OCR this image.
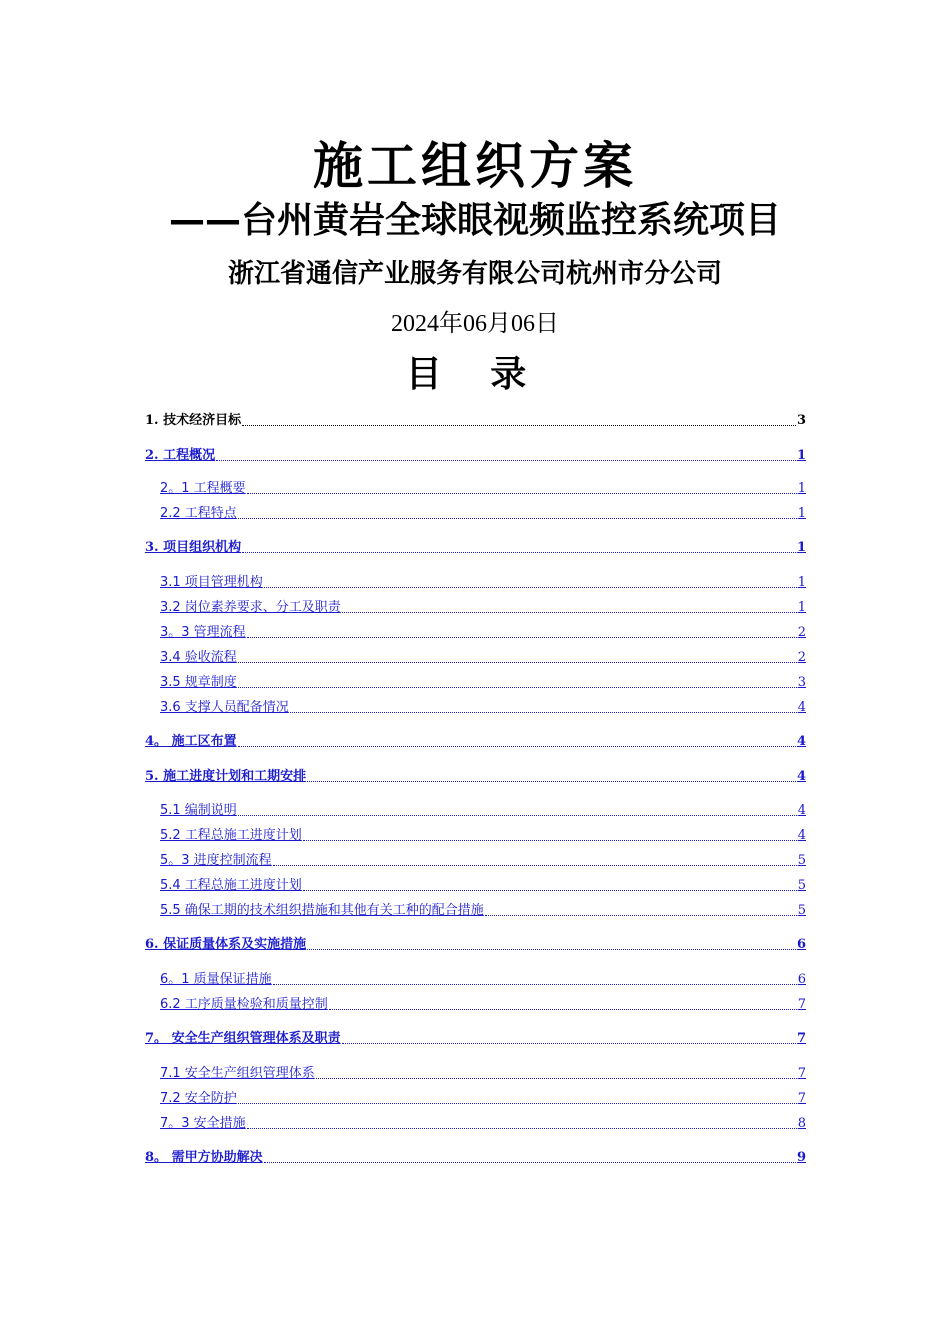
施工组织方案
——台州黄岩全球眼视频监控系统项目
浙江省通信产业服务有限公司杭州市分公司
2024年06月06日
目 录
1. 技术经济目标	3
2. 工程概况	1
2。1 工程概要	1
2.2 工程特点	1
3. 项目组织机构	1
3.1 项目管理机构	1
3.2 岗位素养要求、分工及职责	1
3。3 管理流程	2
3.4 验收流程	2
3.5 规章制度	3
3.6 支撑人员配备情况	4
4。 施工区布置	4
5. 施工进度计划和工期安排	4
5.1 编制说明	4
5.2 工程总施工进度计划	4
5。3 进度控制流程	5
5.4 工程总施工进度计划	5
5.5 确保工期的技术组织措施和其他有关工种的配合措施	5
6. 保证质量体系及实施措施	6
6。1 质量保证措施	6
6.2 工序质量检验和质量控制	7
7。 安全生产组织管理体系及职责	7
7.1 安全生产组织管理体系	7
7.2 安全防护	7
7。3 安全措施	8
8。 需甲方协助解决	9
